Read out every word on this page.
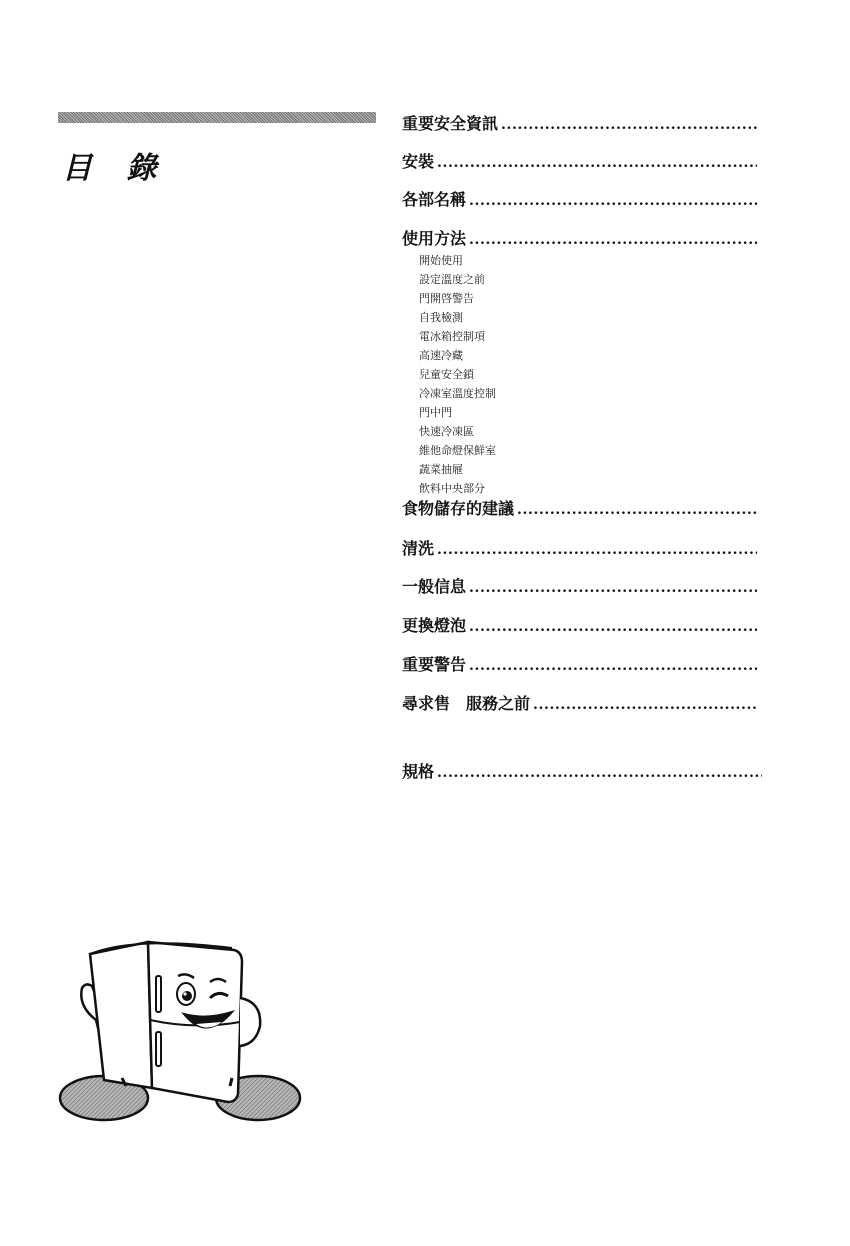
目 錄
重要安全資訊
.....
安裝
.....
各部名稱
.....
使用方法
.....
開始使用
設定溫度之前
門開啓警告
自我檢測
電冰箱控制項
高速冷藏
兒童安全鎖
冷凍室溫度控制
門中門
快速冷凍區
維他命燈保鮮室
蔬菜抽屜
飲料中央部分
食物儲存的建議
.....
清洗
.....
一般信息
.....
更換燈泡
.....
重要警告
.....
尋求售　服務之前
.....
規格
.....
